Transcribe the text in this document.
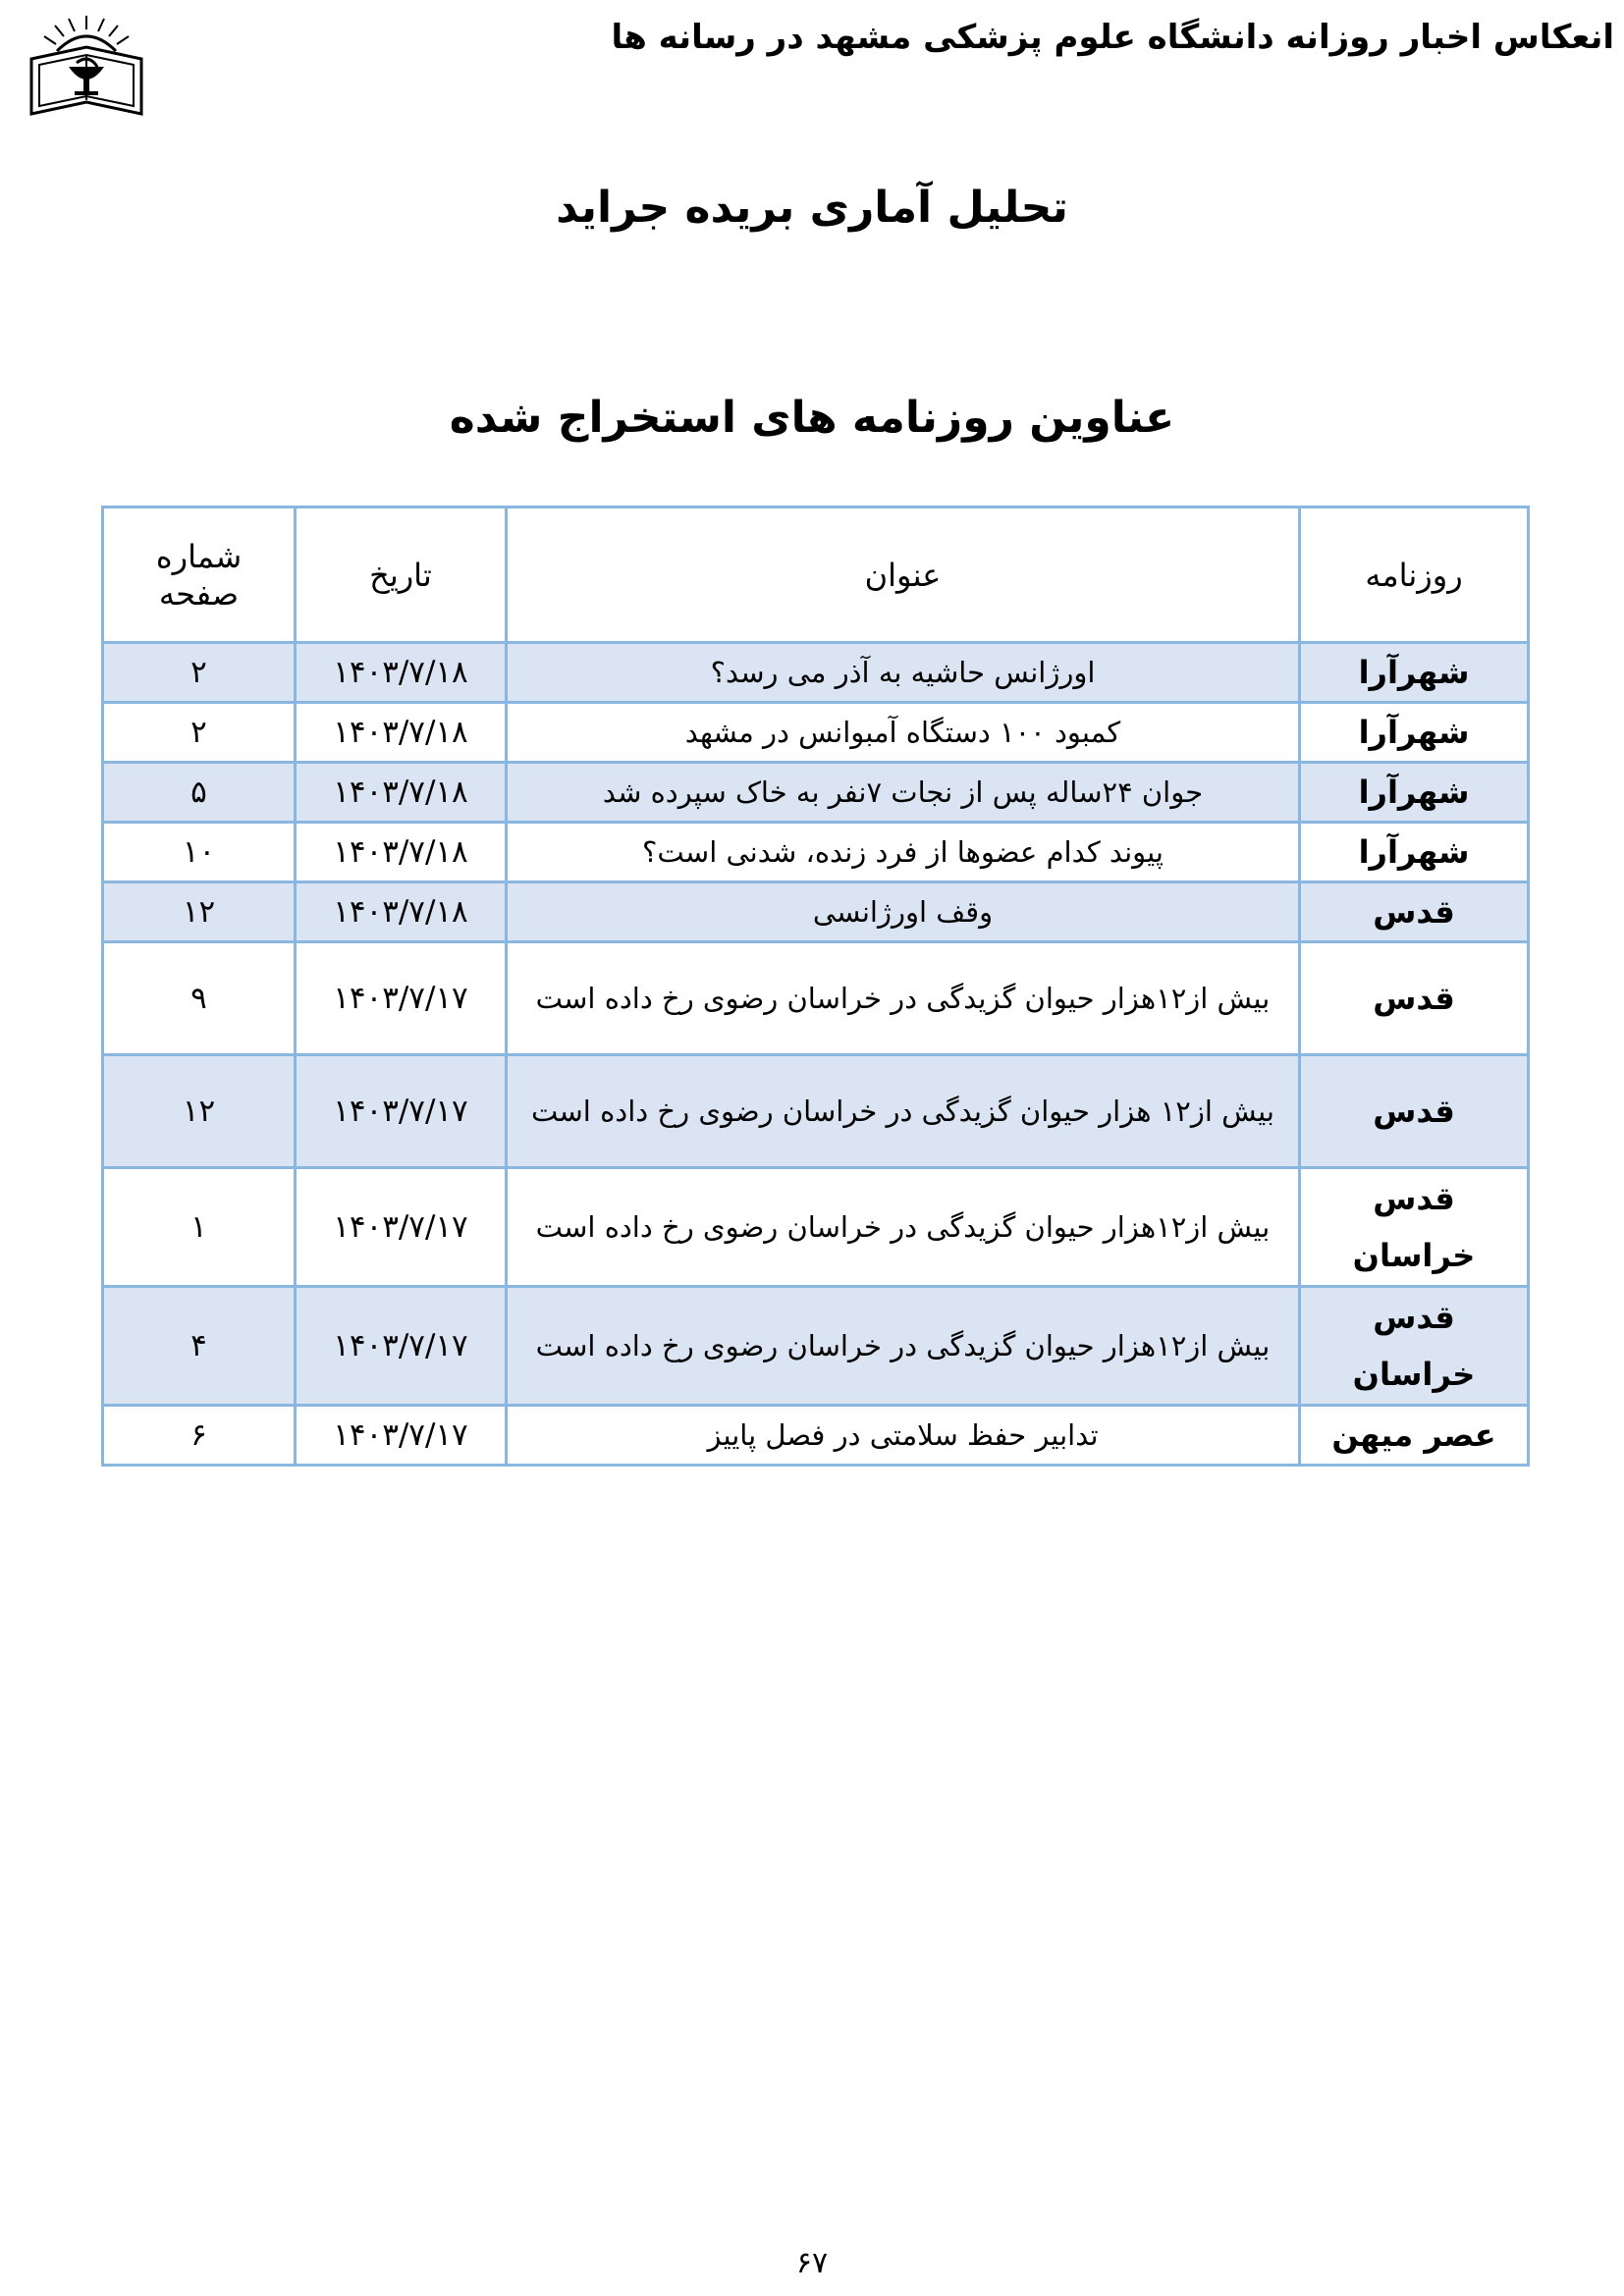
انعکاس اخبار روزانه دانشگاه علوم پزشکی مشهد در رسانه ها
تحلیل آماری بریده جراید
عناوین روزنامه های استخراج شده
روزنامه	عنوان	تاریخ	شماره
صفحه

شهرآرا	اورژانس حاشیه به آذر می رسد؟	۱۴۰۳/۷/۱۸	۲
شهرآرا	کمبود ۱۰۰ دستگاه آمبوانس در مشهد	۱۴۰۳/۷/۱۸	۲
شهرآرا	جوان ۲۴ساله پس از نجات ۷نفر به خاک سپرده شد	۱۴۰۳/۷/۱۸	۵
شهرآرا	پیوند کدام عضوها از فرد زنده، شدنی است؟	۱۴۰۳/۷/۱۸	۱۰
قدس	وقف اورژانسی	۱۴۰۳/۷/۱۸	۱۲
قدس	بیش از۱۲هزار حیوان گزیدگی در خراسان رضوی رخ داده است	۱۴۰۳/۷/۱۷	۹
قدس	بیش از۱۲ هزار حیوان گزیدگی در خراسان رضوی رخ داده است	۱۴۰۳/۷/۱۷	۱۲
قدس خراسان	بیش از۱۲هزار حیوان گزیدگی در خراسان رضوی رخ داده است	۱۴۰۳/۷/۱۷	۱
قدس خراسان	بیش از۱۲هزار حیوان گزیدگی در خراسان رضوی رخ داده است	۱۴۰۳/۷/۱۷	۴
عصر میهن	تدابیر حفظ سلامتی در فصل پاییز	۱۴۰۳/۷/۱۷	۶
۶۷
